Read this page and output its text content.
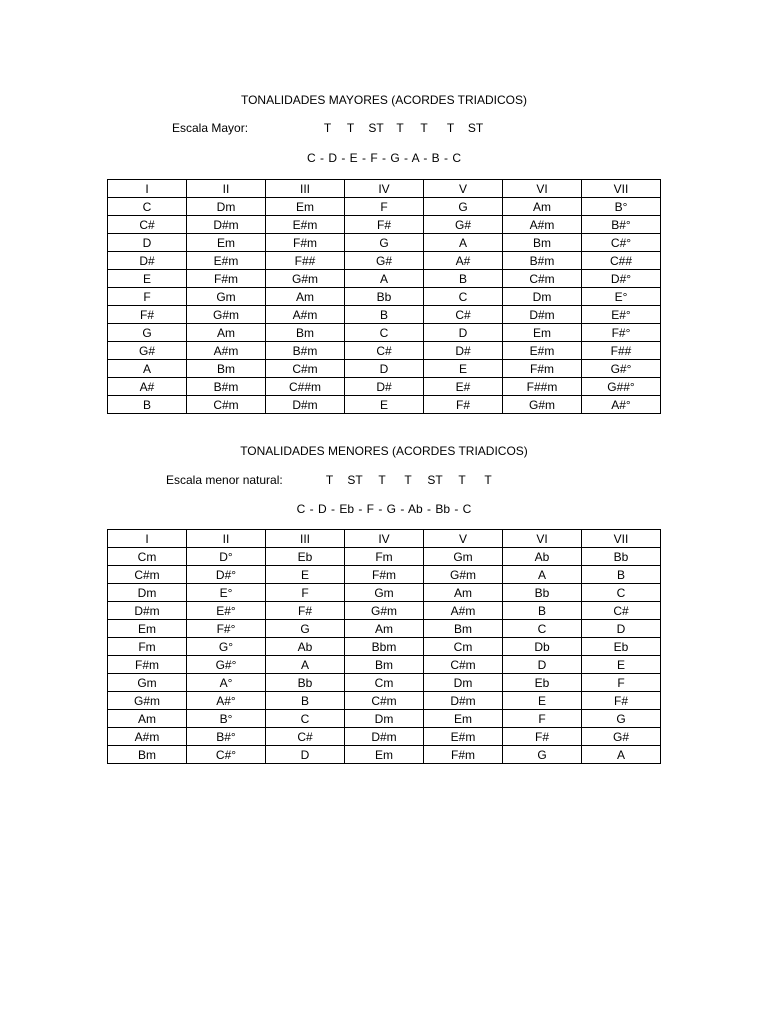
TONALIDADES MAYORES (ACORDES TRIADICOS)
Escala Mayor:	T	T	ST	T	T	T	ST
C - D - E - F - G - A - B - C
I	II	III	IV	V	VI	VII
C	Dm	Em	F	G	Am	B°
C#	D#m	E#m	F#	G#	A#m	B#°
D	Em	F#m	G	A	Bm	C#°
D#	E#m	F##	G#	A#	B#m	C##
E	F#m	G#m	A	B	C#m	D#°
F	Gm	Am	Bb	C	Dm	E°
F#	G#m	A#m	B	C#	D#m	E#°
G	Am	Bm	C	D	Em	F#°
G#	A#m	B#m	C#	D#	E#m	F##
A	Bm	C#m	D	E	F#m	G#°
A#	B#m	C##m	D#	E#	F##m	G##°
B	C#m	D#m	E	F#	G#m	A#°
TONALIDADES MENORES (ACORDES TRIADICOS)
Escala menor natural:	T	ST	T	T	ST	T	T
C - D - Eb - F - G - Ab - Bb - C
I	II	III	IV	V	VI	VII
Cm	D°	Eb	Fm	Gm	Ab	Bb
C#m	D#°	E	F#m	G#m	A	B
Dm	E°	F	Gm	Am	Bb	C
D#m	E#°	F#	G#m	A#m	B	C#
Em	F#°	G	Am	Bm	C	D
Fm	G°	Ab	Bbm	Cm	Db	Eb
F#m	G#°	A	Bm	C#m	D	E
Gm	A°	Bb	Cm	Dm	Eb	F
G#m	A#°	B	C#m	D#m	E	F#
Am	B°	C	Dm	Em	F	G
A#m	B#°	C#	D#m	E#m	F#	G#
Bm	C#°	D	Em	F#m	G	A
